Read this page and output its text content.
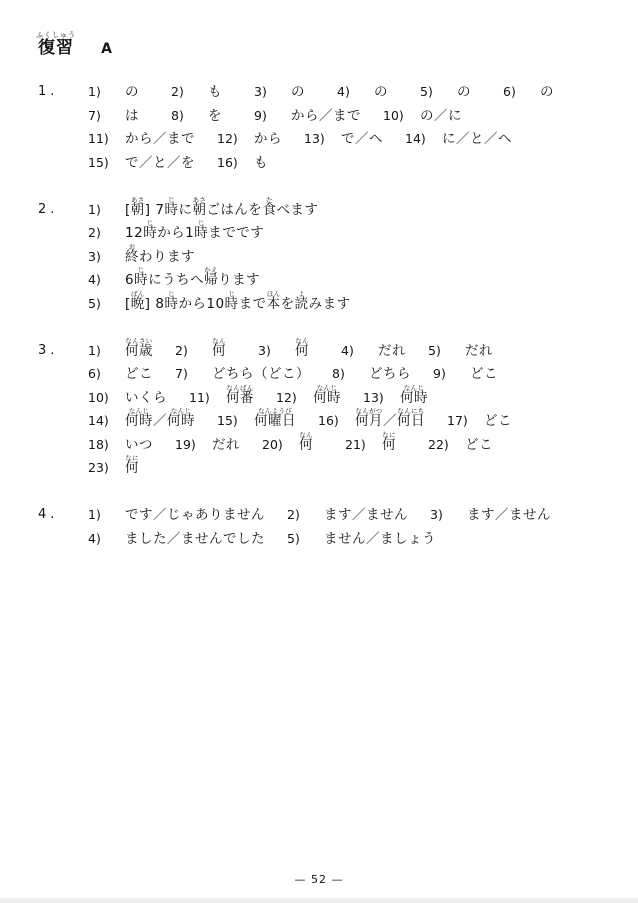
ふくしゅう
復習 A
1.	1) の	2) も	3) の	4) の	5) の	6) の
7) は	8) を	9) から／まで 10) の／に
11) から／まで 12) から 13) で／へ 14) に／と／へ
15) で／と／を 16) も
2.	1) [
あさ
朝] 7
じ
時に
あさ
朝ごはんを
た
食べます
2) 12
じ
時から1
じ
時までです
3)
お
終わります
4) 6
じ
時にうちへ
かえ
帰ります
5) [
ばん
晩] 8
じ
時から10
じ
時まで
ほん
本を
よ
読みます
3.	1)
なんさい
何歳 2)
なん
何	3)
なん
何	4) だれ 5) だれ
6) どこ 7) どちら（どこ） 8) どちら 9) どこ
10) いくら 11)
なんばん
何番 12)
なんじ
何時 13)
なんじ
何時
14)
なんじ
何時／
なんじ
何時 15)
なんようび
何曜日 16)
なんがつ
何月／
なんにち
何日 17) どこ
18) いつ 19) だれ 20)
なん
何	21)
なに
何	22) どこ
23)
なに
何
4.	1) です／じゃありません 2) ます／ません 3) ます／ません
4) ました／ませんでした 5) ません／ましょう
— 52 —
